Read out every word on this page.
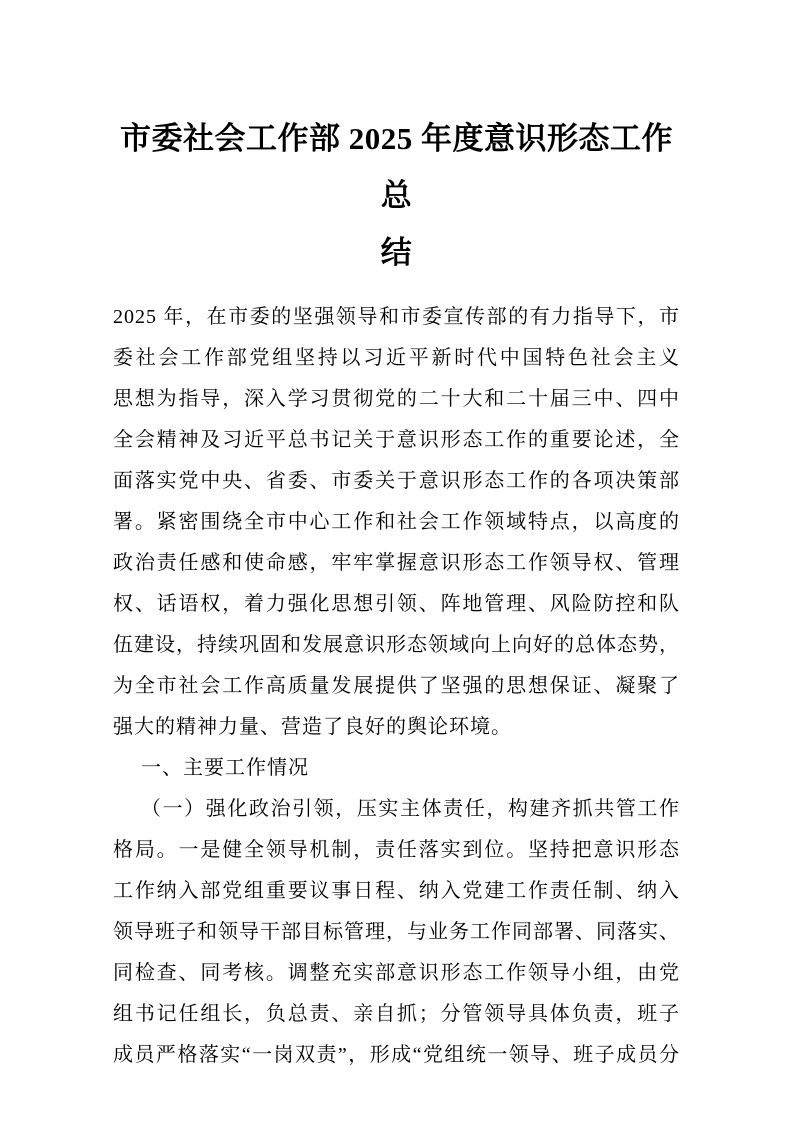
市委社会工作部 2025 年度意识形态工作总
结

2025 年，在市委的坚强领导和市委宣传部的有力指导下，市
委社会工作部党组坚持以习近平新时代中国特色社会主义
思想为指导，深入学习贯彻党的二十大和二十届三中、四中
全会精神及习近平总书记关于意识形态工作的重要论述，全
面落实党中央、省委、市委关于意识形态工作的各项决策部
署。紧密围绕全市中心工作和社会工作领域特点，以高度的
政治责任感和使命感，牢牢掌握意识形态工作领导权、管理
权、话语权，着力强化思想引领、阵地管理、风险防控和队
伍建设，持续巩固和发展意识形态领域向上向好的总体态势，
为全市社会工作高质量发展提供了坚强的思想保证、凝聚了
强大的精神力量、营造了良好的舆论环境。

一、主要工作情况

（一）强化政治引领，压实主体责任，构建齐抓共管工作
格局。一是健全领导机制，责任落实到位。坚持把意识形态
工作纳入部党组重要议事日程、纳入党建工作责任制、纳入
领导班子和领导干部目标管理，与业务工作同部署、同落实、
同检查、同考核。调整充实部意识形态工作领导小组，由党
组书记任组长，负总责、亲自抓；分管领导具体负责，班子
成员严格落实“一岗双责”，形成“党组统一领导、班子成员分
